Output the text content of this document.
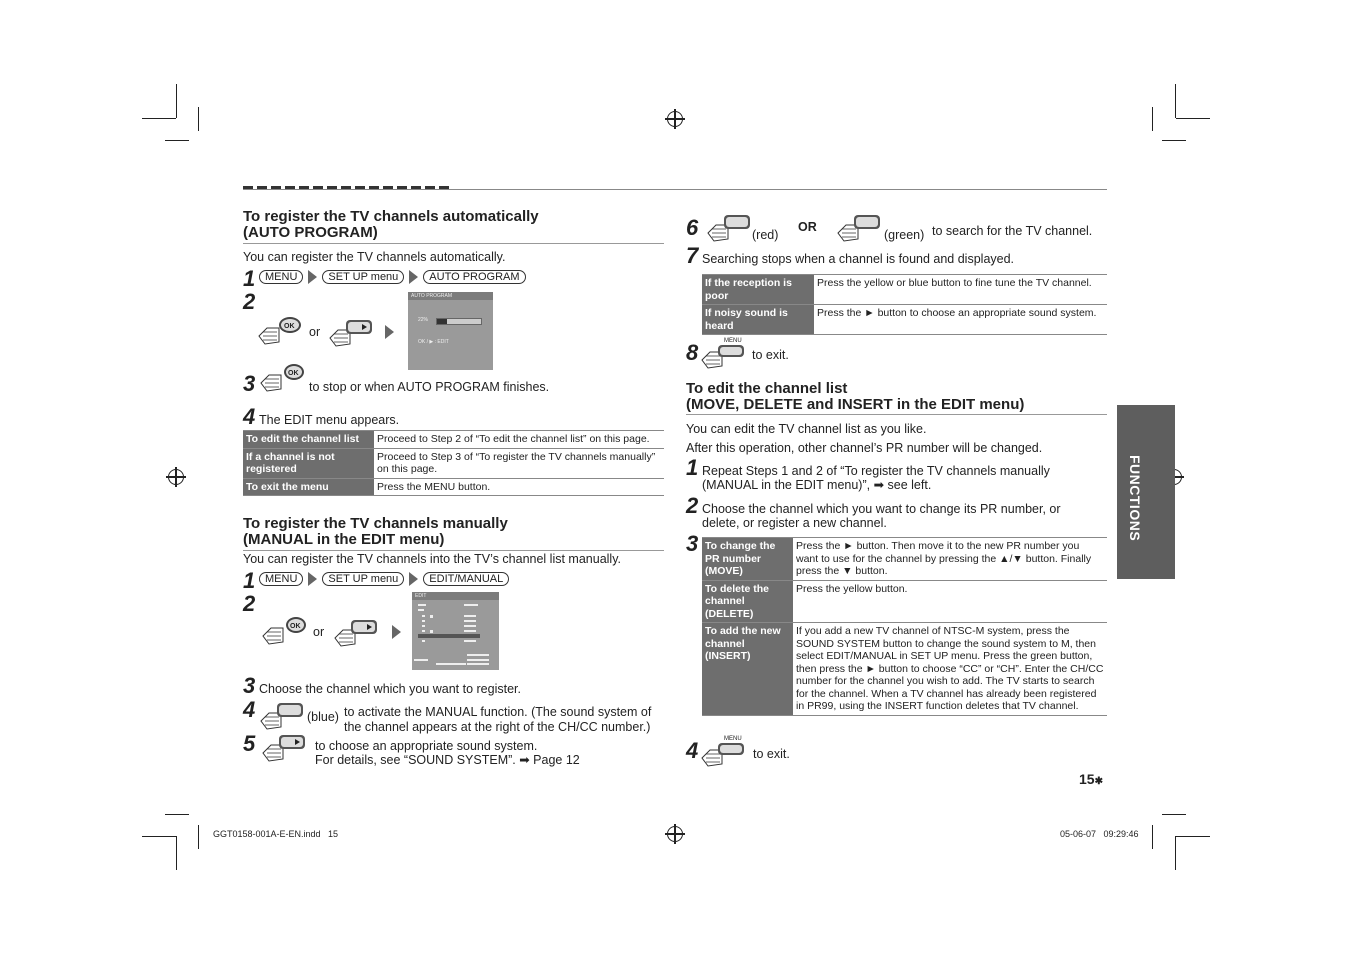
To register the TV channels automatically
(AUTO PROGRAM)
You can register the TV channels automatically.
1 MENU	SET UP menu	AUTO PROGRAM
2
OK or
AUTO PROGRAM
22%
OK / ▶ : EDIT
3	OK
to stop or when AUTO PROGRAM finishes.
4 The EDIT menu appears.
To edit the channel list	Proceed to Step 2 of “To edit the channel list” on this page.
If a channel is not registered	Proceed to Step 3 of “To register the TV channels manually” on this page.
To exit the menu	Press the MENU button.
To register the TV channels manually
(MANUAL in the EDIT menu)
You can register the TV channels into the TV’s channel list manually.
1 MENU	SET UP menu	EDIT/MANUAL
2
OK or
EDIT
3 Choose the channel which you want to register.
4	(blue) to activate the MANUAL function. (The sound system of the channel appears at the right of the CH/CC number.)
5	to choose an appropriate sound system.
For details, see “SOUND SYSTEM”. ➡ Page 12
6	(red)
OR
(green) to search for the TV channel.
7 Searching stops when a channel is found and displayed.
If the reception is poor	Press the yellow or blue button to fine tune the TV channel.
If noisy sound is heard	Press the ► button to choose an appropriate sound system.
8	MENU
to exit.
To edit the channel list
(MOVE, DELETE and INSERT in the EDIT menu)
You can edit the TV channel list as you like.
After this operation, other channel’s PR number will be changed.
1 Repeat Steps 1 and 2 of “To register the TV channels manually (MANUAL in the EDIT menu)”, ➡ see left.
2 Choose the channel which you want to change its PR number, or delete, or register a new channel.
3 To change the PR number (MOVE)	Press the ► button. Then move it to the new PR number you want to use for the channel by pressing the ▲/▼ button. Finally press the ▼ button.
To delete the channel (DELETE)	Press the yellow button.
To add the new channel (INSERT)	If you add a new TV channel of NTSC-M system, press the SOUND SYSTEM button to change the sound system to M, then select EDIT/MANUAL in SET UP menu. Press the green button, then press the ► button to choose “CC” or “CH”. Enter the CH/CC number for the channel you wish to add. The TV starts to search for the channel. When a TV channel has already been registered in PR99, using the INSERT function deletes that TV channel.
4	MENU
to exit.
FUNCTIONS
15✱
GGT0158-001A-E-EN.indd   15	05-06-07   09:29:46
